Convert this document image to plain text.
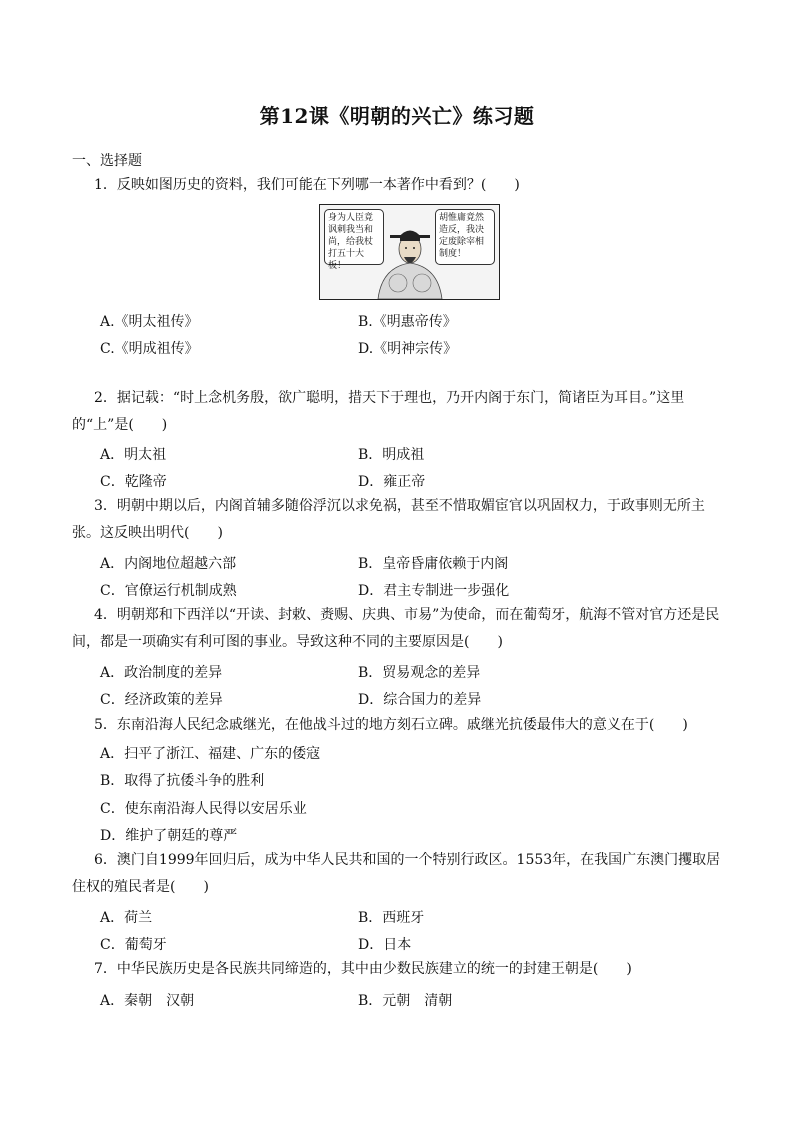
第12课《明朝的兴亡》练习题
一、选择题
1．反映如图历史的资料，我们可能在下列哪一本著作中看到？(　　)
身为人臣竟讽刺我当和尚，给我杖打五十大板！
胡惟庸竟然造反，我决定废除宰相制度！
A.《明太祖传》	B.《明惠帝传》
C.《明成祖传》	D.《明神宗传》
2．据记载：“时上念机务殷，欲广聪明，措天下于理也，乃开内阁于东门，简诸臣为耳目。”这里的“上”是(　　)
A．明太祖	B．明成祖
C．乾隆帝	D．雍正帝
3．明朝中期以后，内阁首辅多随俗浮沉以求免祸，甚至不惜取媚宦官以巩固权力，于政事则无所主张。这反映出明代(　　)
A．内阁地位超越六部	B．皇帝昏庸依赖于内阁
C．官僚运行机制成熟	D．君主专制进一步强化
4．明朝郑和下西洋以“开读、封敕、赉赐、庆典、市易”为使命，而在葡萄牙，航海不管对官方还是民间，都是一项确实有利可图的事业。导致这种不同的主要原因是(　　)
A．政治制度的差异	B．贸易观念的差异
C．经济政策的差异	D．综合国力的差异
5．东南沿海人民纪念戚继光，在他战斗过的地方刻石立碑。戚继光抗倭最伟大的意义在于(　　)
A．扫平了浙江、福建、广东的倭寇
B．取得了抗倭斗争的胜利
C．使东南沿海人民得以安居乐业
D．维护了朝廷的尊严
6．澳门自1999年回归后，成为中华人民共和国的一个特别行政区。1553年，在我国广东澳门攫取居住权的殖民者是(　　)
A．荷兰	B．西班牙
C．葡萄牙	D．日本
7．中华民族历史是各民族共同缔造的，其中由少数民族建立的统一的封建王朝是(　　)
A．秦朝　汉朝	B．元朝　清朝
